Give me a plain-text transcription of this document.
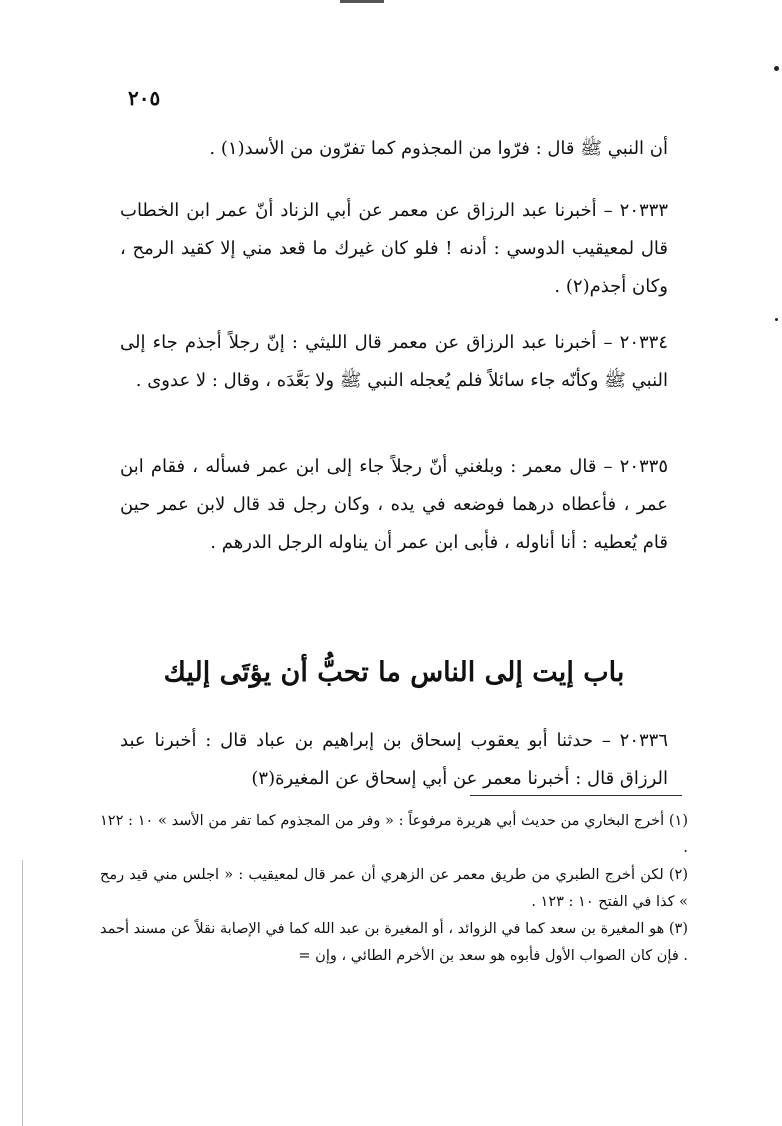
٢٠٥

أن النبي ﷺ قال : فرّوا من المجذوم كما تفرّون من الأسد(١) .

٢٠٣٣٣ – أخبرنا عبد الرزاق عن معمر عن أبي الزناد أنّ عمر ابن الخطاب قال لمعيقيب الدوسي : أدنه ! فلو كان غيرك ما قعد مني إلا كقيد الرمح ، وكان أجذم(٢) .

٢٠٣٣٤ – أخبرنا عبد الرزاق عن معمر قال الليثي : إنّ رجلاً أجذم جاء إلى النبي ﷺ وكأنّه جاء سائلاً فلم يُعجله النبي ﷺ ولا بَعَّدَه ، وقال : لا عدوى .

٢٠٣٣٥ – قال معمر : وبلغني أنّ رجلاً جاء إلى ابن عمر فسأله ، فقام ابن عمر ، فأعطاه درهما فوضعه في يده ، وكان رجل قد قال لابن عمر حين قام يُعطيه : أنا أناوله ، فأبى ابن عمر أن يناوله الرجل الدرهم .

باب إيت إلى الناس ما تحبُّ أن يؤتَى إليك

٢٠٣٣٦ – حدثنا أبو يعقوب إسحاق بن إبراهيم بن عباد قال : أخبرنا عبد الرزاق قال : أخبرنا معمر عن أبي إسحاق عن المغيرة(٣)

(١) أخرج البخاري من حديث أبي هريرة مرفوعاً : « وفر من المجذوم كما تفر من الأسد » ١٠ : ١٢٢ .

(٢) لكن أخرج الطبري من طريق معمر عن الزهري أن عمر قال لمعيقيب : « اجلس مني قيد رمح » كذا في الفتح ١٠ : ١٢٣ .

(٣) هو المغيرة بن سعد كما في الزوائد ، أو المغيرة بن عبد الله كما في الإصابة نقلاً عن مسند أحمد . فإن كان الصواب الأول فأبوه هو سعد بن الأخرم الطائي ، وإن =
